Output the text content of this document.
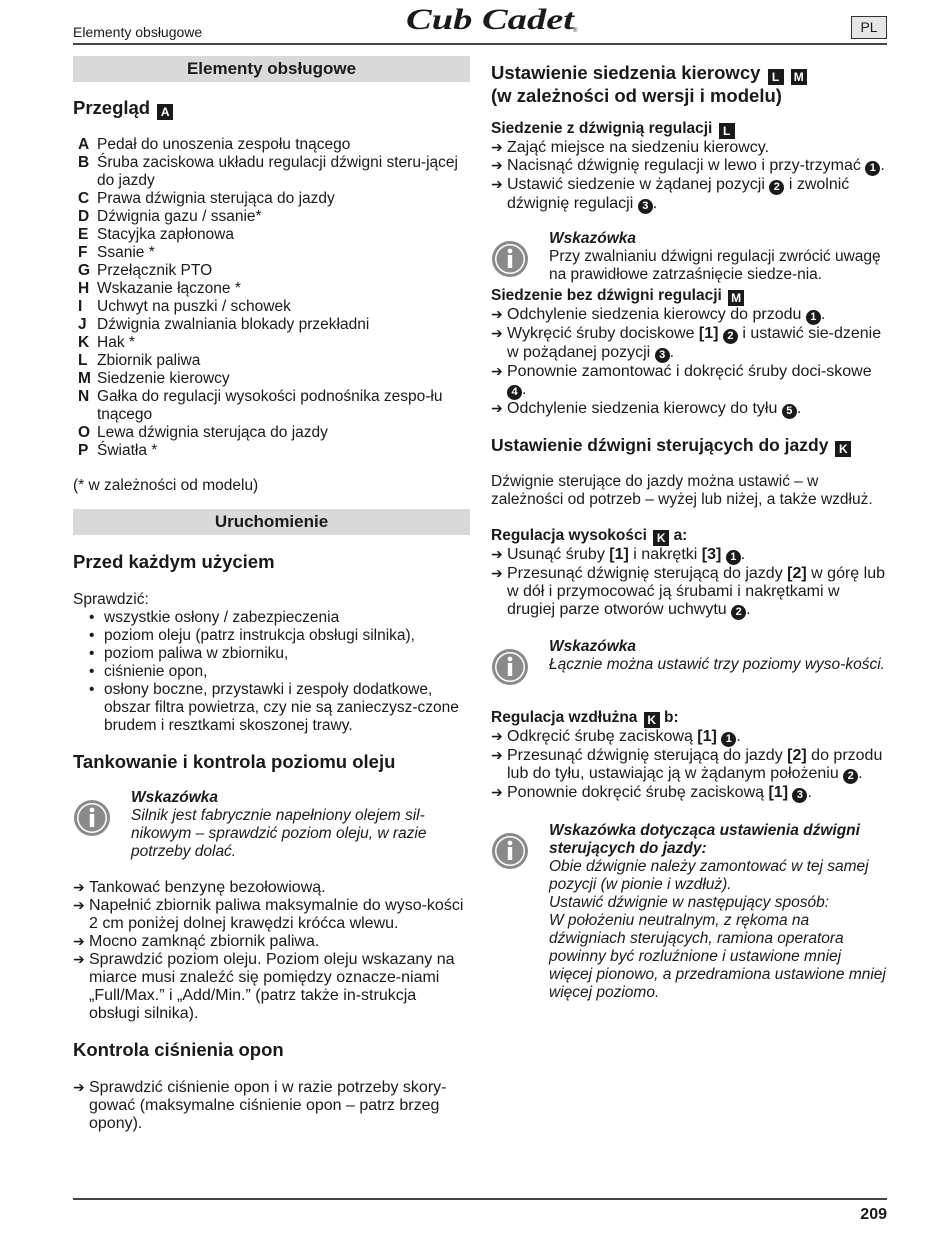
Elementy obsługowe	Cub Cadet
®	PL
Elementy obsługowe
Przegląd A
A Pedał do unoszenia zespołu tnącego
B Śruba zaciskowa układu regulacji dźwigni steru-jącej do jazdy
C Prawa dźwignia sterująca do jazdy
D Dźwignia gazu / ssanie*
E Stacyjka zapłonowa
F Ssanie *
G Przełącznik PTO
H Wskazanie łączone *
I Uchwyt na puszki / schowek
J Dźwignia zwalniania blokady przekładni
K Hak *
L Zbiornik paliwa
M Siedzenie kierowcy
N Gałka do regulacji wysokości podnośnika zespo-łu tnącego
O Lewa dźwignia sterująca do jazdy
P Światła *

(* w zależności od modelu)

Uruchomienie
Przed każdym użyciem

Sprawdzić:

• wszystkie osłony / zabezpieczenia
• poziom oleju (patrz instrukcja obsługi silnika),
• poziom paliwa w zbiorniku,
• ciśnienie opon,
• osłony boczne, przystawki i zespoły dodatkowe, obszar filtra powietrza, czy nie są zanieczysz-czone brudem i resztkami skoszonej trawy.
Tankowanie i kontrola poziomu oleju
Wskazówka

Silnik jest fabrycznie napełniony olejem sil-nikowym – sprawdzić poziom oleju, w razie potrzeby dolać.

➔ Tankować benzynę bezołowiową.
➔ Napełnić zbiornik paliwa maksymalnie do wyso-kości 2 cm poniżej dolnej krawędzi króćca wlewu.
➔ Mocno zamknąć zbiornik paliwa.
➔ Sprawdzić poziom oleju. Poziom oleju wskazany na miarce musi znaleźć się pomiędzy oznacze-niami „Full/Max.” i „Add/Min.” (patrz także in-strukcja obsługi silnika).
Kontrola ciśnienia opon
➔ Sprawdzić ciśnienie opon i w razie potrzeby skory-gować (maksymalne ciśnienie opon – patrz brzeg opony).
Ustawienie siedzenia kierowcy L M
(w zależności od wersji i modelu)
Siedzenie z dźwignią regulacji L
➔ Zająć miejsce na siedzeniu kierowcy.
➔ Nacisnąć dźwignię regulacji w lewo i przy-trzymać 1 .
➔ Ustawić siedzenie w żądanej pozycji 2 i zwolnić dźwignię regulacji 3 .
Wskazówka

Przy zwalnianiu dźwigni regulacji zwrócić uwagę na prawidłowe zatrzaśnięcie siedze-nia.

Siedzenie bez dźwigni regulacji M
➔ Odchylenie siedzenia kierowcy do przodu 1 .
➔ Wykręcić śruby dociskowe [1] 2 i ustawić sie-dzenie w pożądanej pozycji 3 .
➔ Ponownie zamontować i dokręcić śruby doci-skowe 4 .
➔ Odchylenie siedzenia kierowcy do tyłu 5 .
Ustawienie dźwigni sterujących do jazdy K

Dźwignie sterujące do jazdy można ustawić – w zależności od potrzeb – wyżej lub niżej, a także wzdłuż.

Regulacja wysokości K a:
➔ Usunąć śruby [1] i nakrętki [3] 1 .
➔ Przesunąć dźwignię sterującą do jazdy [2] w górę lub w dół i przymocować ją śrubami i nakrętkami w drugiej parze otworów uchwytu 2 .
Wskazówka

Łącznie można ustawić trzy poziomy wyso-kości.

Regulacja wzdłużna K b:
➔ Odkręcić śrubę zaciskową [1] 1 .
➔ Przesunąć dźwignię sterującą do jazdy [2] do przodu lub do tyłu, ustawiając ją w żądanym położeniu 2 .
➔ Ponownie dokręcić śrubę zaciskową [1] 3 .
Wskazówka dotycząca ustawienia dźwigni sterujących do jazdy:

Obie dźwignie należy zamontować w tej samej pozycji (w pionie i wzdłuż).

Ustawić dźwignie w następujący sposób:

W położeniu neutralnym, z rękoma na dźwigniach sterujących, ramiona operatora powinny być rozluźnione i ustawione mniej więcej pionowo, a przedramiona ustawione mniej więcej poziomo.

209
